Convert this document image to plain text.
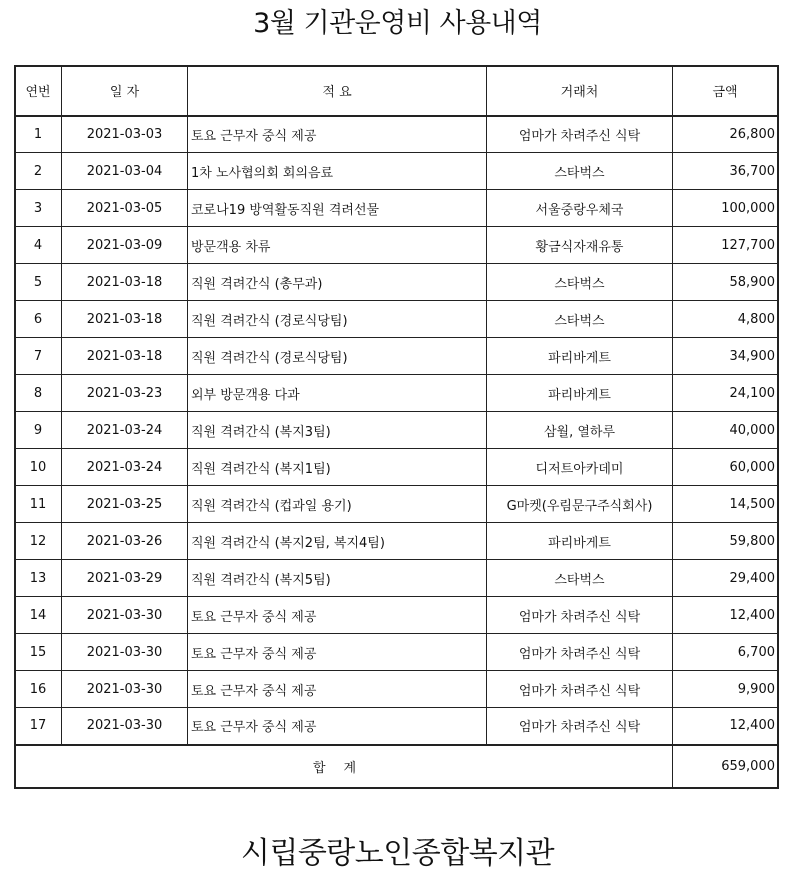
3월 기관운영비 사용내역
연번	일 자	적 요	거래처	금액
1	2021-03-03	토요 근무자 중식 제공	엄마가 차려주신 식탁	26,800
2	2021-03-04	1차 노사협의회 회의음료	스타벅스	36,700
3	2021-03-05	코로나19 방역활동직원 격려선물	서울중랑우체국	100,000
4	2021-03-09	방문객용 차류	황금식자재유통	127,700
5	2021-03-18	직원 격려간식 (총무과)	스타벅스	58,900
6	2021-03-18	직원 격려간식 (경로식당팀)	스타벅스	4,800
7	2021-03-18	직원 격려간식 (경로식당팀)	파리바게트	34,900
8	2021-03-23	외부 방문객용 다과	파리바게트	24,100
9	2021-03-24	직원 격려간식 (복지3팀)	삼월, 열하루	40,000
10	2021-03-24	직원 격려간식 (복지1팀)	디저트아카데미	60,000
11	2021-03-25	직원 격려간식 (컵과일 용기)	G마켓(우림문구주식회사)	14,500
12	2021-03-26	직원 격려간식 (복지2팀, 복지4팀)	파리바게트	59,800
13	2021-03-29	직원 격려간식 (복지5팀)	스타벅스	29,400
14	2021-03-30	토요 근무자 중식 제공	엄마가 차려주신 식탁	12,400
15	2021-03-30	토요 근무자 중식 제공	엄마가 차려주신 식탁	6,700
16	2021-03-30	토요 근무자 중식 제공	엄마가 차려주신 식탁	9,900
17	2021-03-30	토요 근무자 중식 제공	엄마가 차려주신 식탁	12,400
합계				659,000
시립중랑노인종합복지관
